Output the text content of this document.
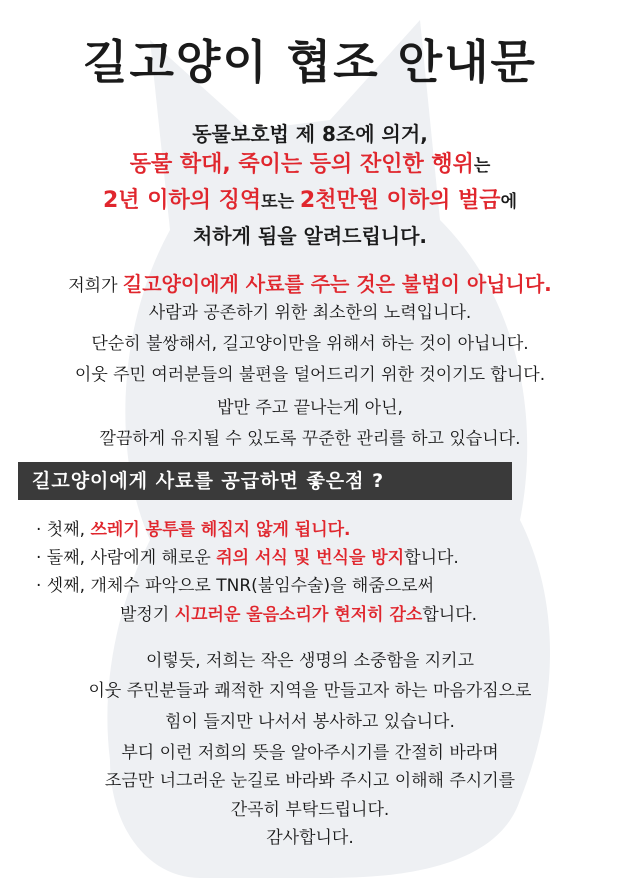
길고양이 협조 안내문
동물보호법 제 8조에 의거,
동물 학대, 죽이는 등의 잔인한 행위는
2년 이하의 징역또는 2천만원 이하의 벌금에
처하게 됨을 알려드립니다.
저희가 길고양이에게 사료를 주는 것은 불법이 아닙니다.
사람과 공존하기 위한 최소한의 노력입니다.
단순히 불쌍해서, 길고양이만을 위해서 하는 것이 아닙니다.
이웃 주민 여러분들의 불편을 덜어드리기 위한 것이기도 합니다.
밥만 주고 끝나는게 아닌,
깔끔하게 유지될 수 있도록 꾸준한 관리를 하고 있습니다.
길고양이에게 사료를 공급하면 좋은점 ?
· 첫째, 쓰레기 봉투를 헤집지 않게 됩니다.
· 둘째, 사람에게 해로운 쥐의 서식 및 번식을 방지합니다.
· 셋째, 개체수 파악으로 TNR(불임수술)을 해줌으로써
발정기 시끄러운 울음소리가 현저히 감소합니다.
이렇듯, 저희는 작은 생명의 소중함을 지키고
이웃 주민분들과 쾌적한 지역을 만들고자 하는 마음가짐으로
힘이 들지만 나서서 봉사하고 있습니다.
부디 이런 저희의 뜻을 알아주시기를 간절히 바라며
조금만 너그러운 눈길로 바라봐 주시고 이해해 주시기를
간곡히 부탁드립니다.
감사합니다.
